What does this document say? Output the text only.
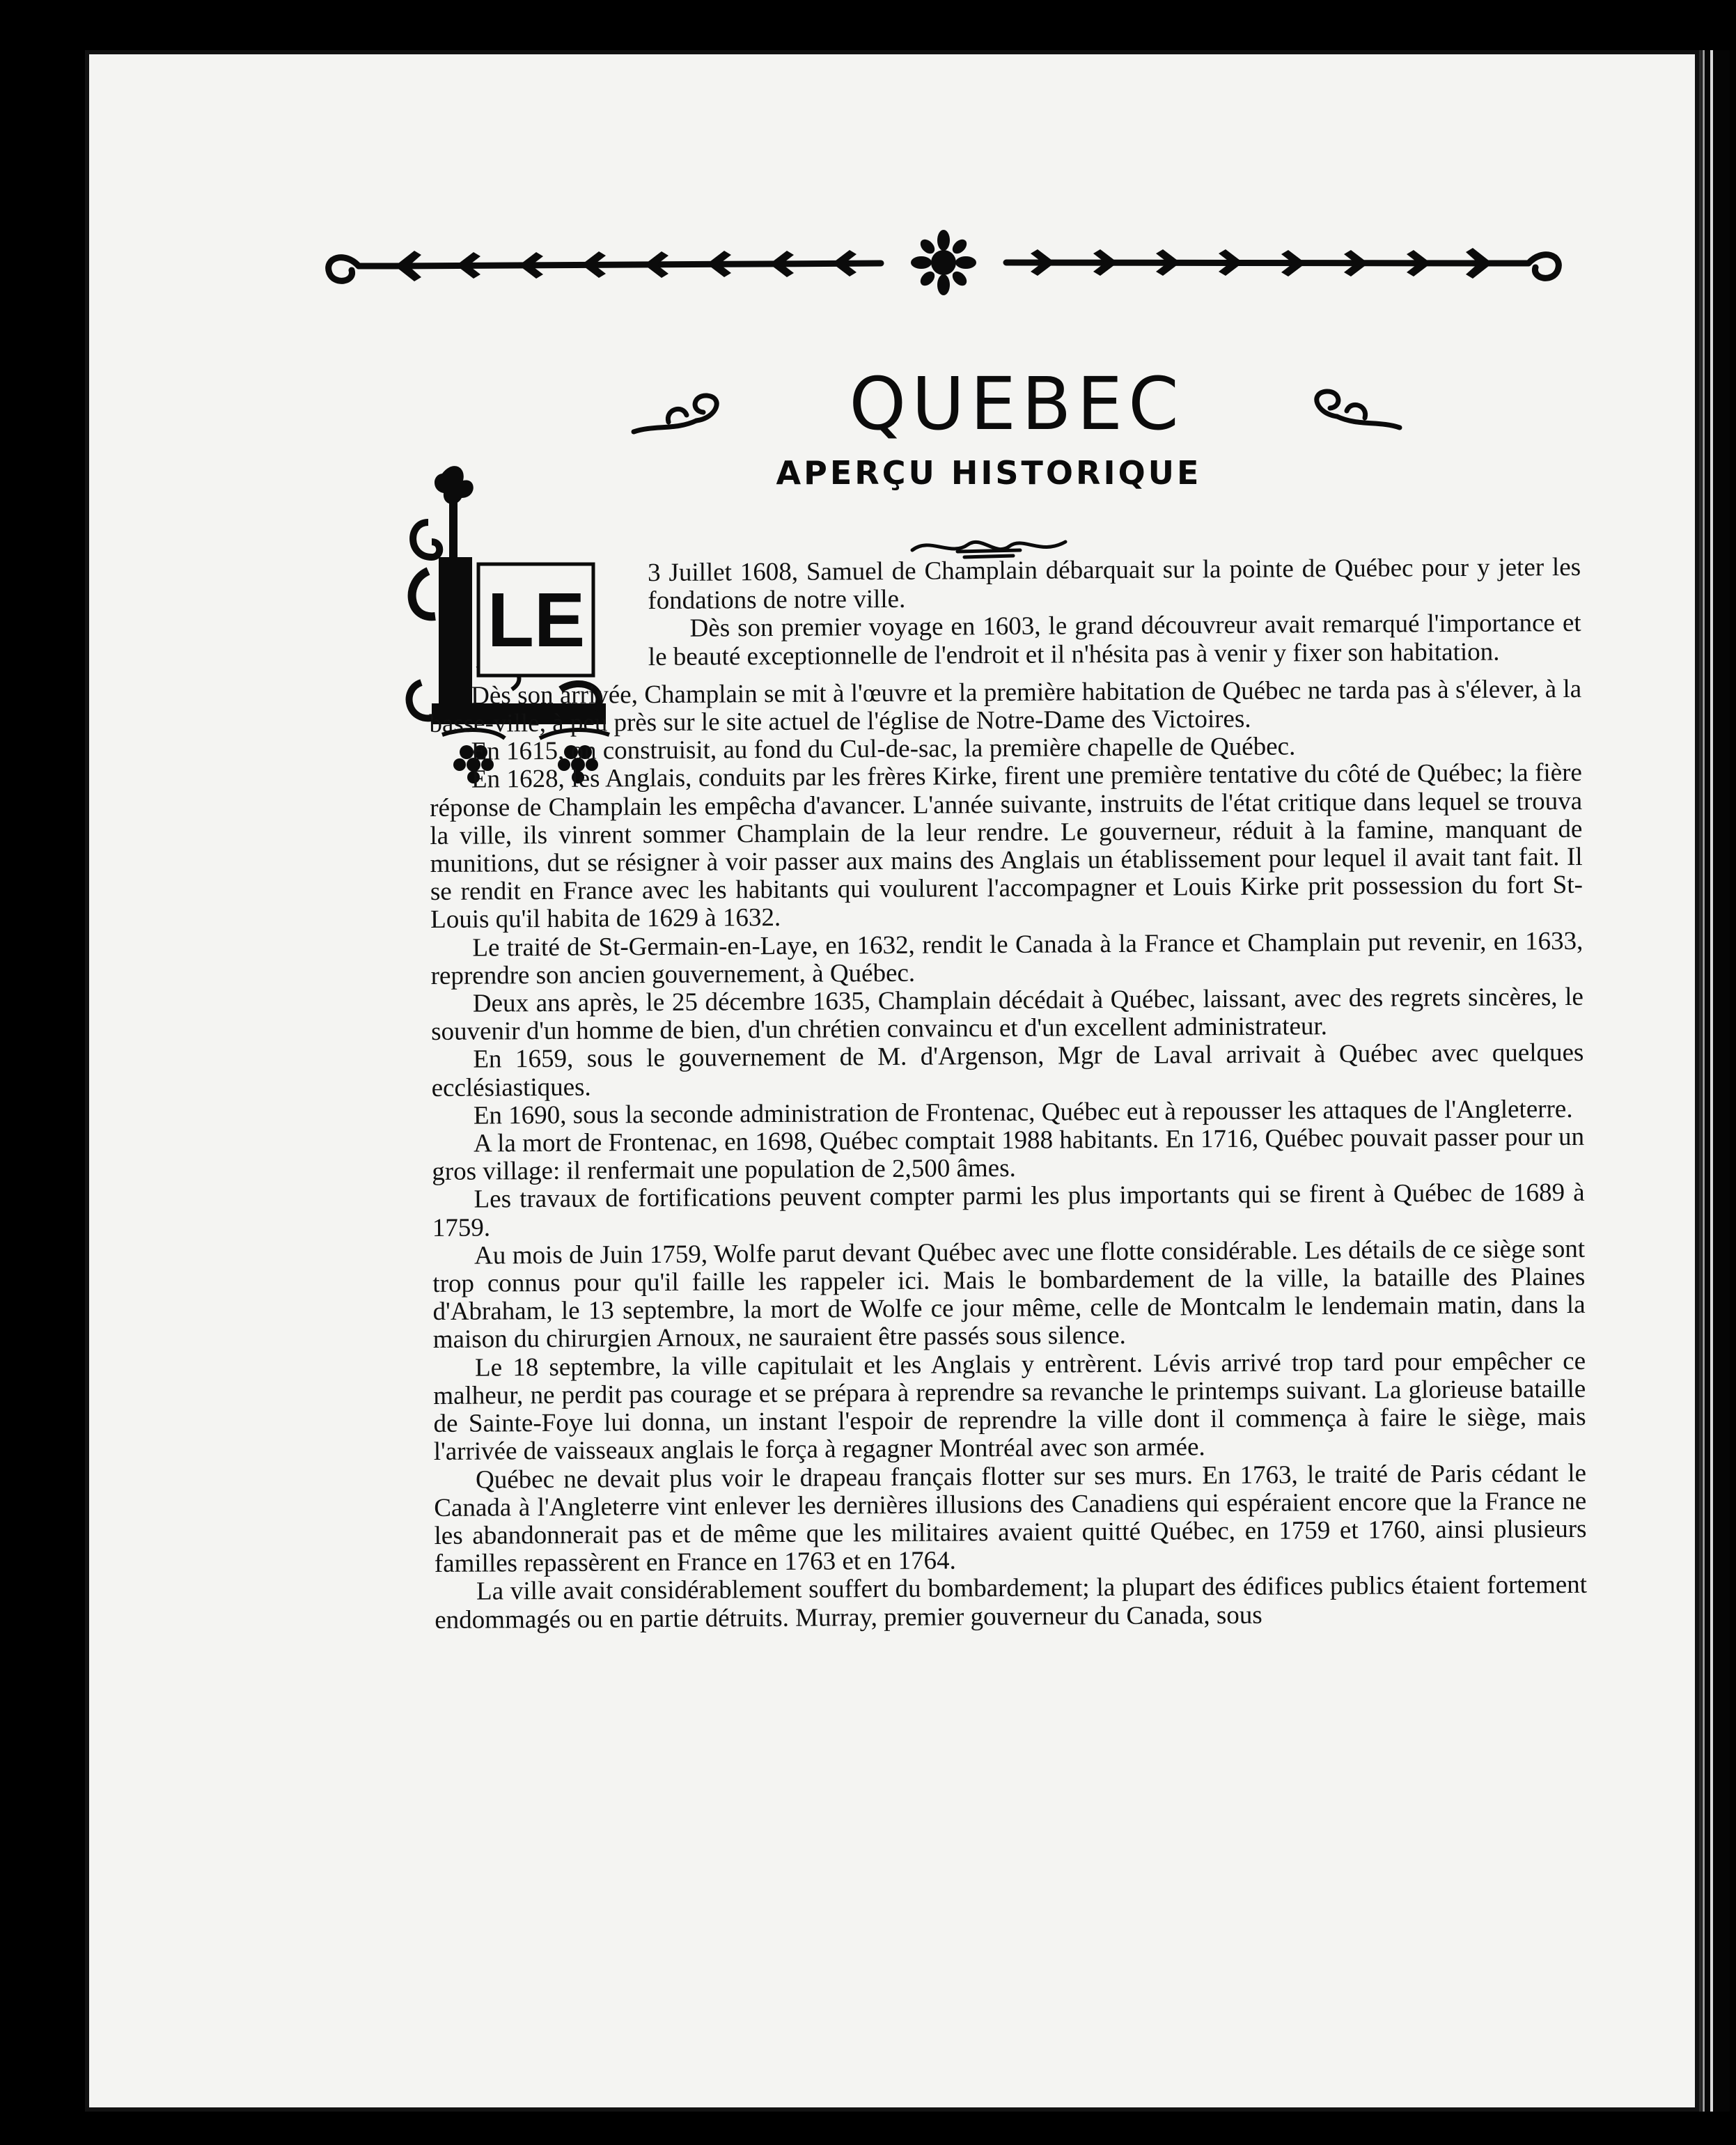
QUEBEC
APERÇU HISTORIQUE
LE

3 Juillet 1608, Samuel de Champlain débarquait sur la pointe de Québec pour y jeter les fondations de notre ville.
Dès son premier voyage en 1603, le grand découvreur avait remarqué l'importance et le beauté exceptionnelle de l'endroit et il n'hésita pas à venir y fixer son habitation.

Dès son arrivée, Champlain se mit à l'œuvre et la première habitation de Québec ne tarda pas à s'élever, à la basse-ville, à peu près sur le site actuel de l'église de Notre-Dame des Victoires.

En 1615, on construisit, au fond du Cul-de-sac, la première chapelle de Québec.

En 1628, les Anglais, conduits par les frères Kirke, firent une première tentative du côté de Québec; la fière réponse de Champlain les empêcha d'avancer. L'année suivante, instruits de l'état critique dans lequel se trouva la ville, ils vinrent sommer Champlain de la leur rendre. Le gouverneur, réduit à la famine, manquant de munitions, dut se résigner à voir passer aux mains des Anglais un établissement pour lequel il avait tant fait. Il se rendit en France avec les habitants qui voulurent l'accompagner et Louis Kirke prit possession du fort St-Louis qu'il habita de 1629 à 1632.

Le traité de St-Germain-en-Laye, en 1632, rendit le Canada à la France et Champlain put revenir, en 1633, reprendre son ancien gouvernement, à Québec.

Deux ans après, le 25 décembre 1635, Champlain décédait à Québec, laissant, avec des regrets sincères, le souvenir d'un homme de bien, d'un chrétien convaincu et d'un excellent administrateur.

En 1659, sous le gouvernement de M. d'Argenson, Mgr de Laval arrivait à Québec avec quelques ecclésiastiques.

En 1690, sous la seconde administration de Frontenac, Québec eut à repousser les attaques de l'Angleterre.

A la mort de Frontenac, en 1698, Québec comptait 1988 habitants. En 1716, Québec pouvait passer pour un gros village: il renfermait une population de 2,500 âmes.

Les travaux de fortifications peuvent compter parmi les plus importants qui se firent à Québec de 1689 à 1759.

Au mois de Juin 1759, Wolfe parut devant Québec avec une flotte considérable. Les détails de ce siège sont trop connus pour qu'il faille les rappeler ici. Mais le bombardement de la ville, la bataille des Plaines d'Abraham, le 13 septembre, la mort de Wolfe ce jour même, celle de Montcalm le lendemain matin, dans la maison du chirurgien Arnoux, ne sauraient être passés sous silence.

Le 18 septembre, la ville capitulait et les Anglais y entrèrent. Lévis arrivé trop tard pour empêcher ce malheur, ne perdit pas courage et se prépara à reprendre sa revanche le printemps suivant. La glorieuse bataille de Sainte-Foye lui donna, un instant l'espoir de reprendre la ville dont il commença à faire le siège, mais l'arrivée de vaisseaux anglais le força à regagner Montréal avec son armée.

Québec ne devait plus voir le drapeau français flotter sur ses murs. En 1763, le traité de Paris cédant le Canada à l'Angleterre vint enlever les dernières illusions des Canadiens qui espéraient encore que la France ne les abandonnerait pas et de même que les militaires avaient quitté Québec, en 1759 et 1760, ainsi plusieurs familles repassèrent en France en 1763 et en 1764.

La ville avait considérablement souffert du bombardement; la plupart des édifices publics étaient fortement endommagés ou en partie détruits. Murray, premier gouverneur du Canada, sous
